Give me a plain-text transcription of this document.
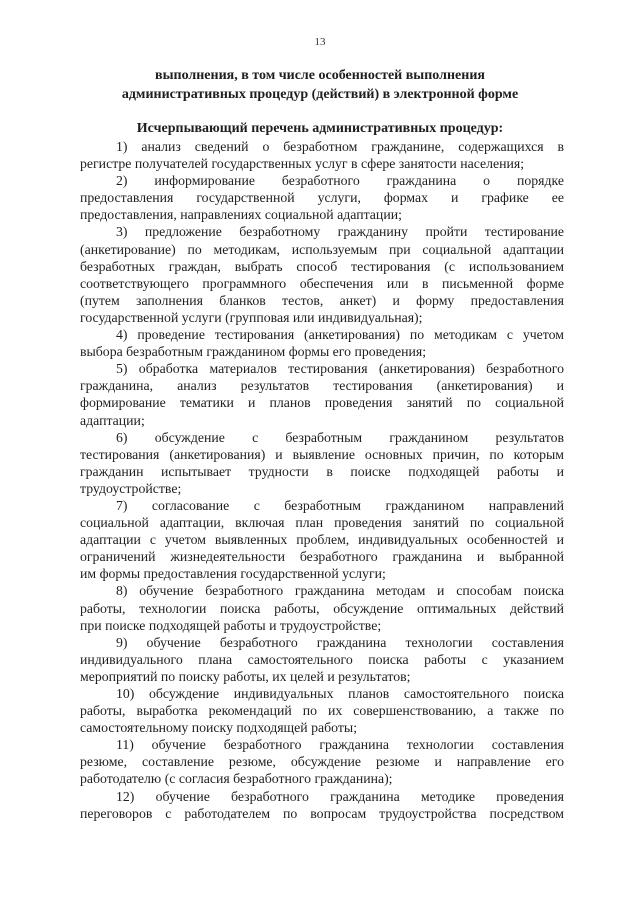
13
выполнения, в том числе особенностей выполнения
административных процедур (действий) в электронной форме
Исчерпывающий перечень административных процедур:
1) анализ сведений о безработном гражданине, содержащихся в
регистре получателей государственных услуг в сфере занятости населения;
2) информирование безработного гражданина о порядке
предоставления государственной услуги, формах и графике ее
предоставления, направлениях социальной адаптации;
3) предложение безработному гражданину пройти тестирование
(анкетирование) по методикам, используемым при социальной адаптации
безработных граждан, выбрать способ тестирования (с использованием
соответствующего программного обеспечения или в письменной форме
(путем заполнения бланков тестов, анкет) и форму предоставления
государственной услуги (групповая или индивидуальная);
4) проведение тестирования (анкетирования) по методикам с учетом
выбора безработным гражданином формы его проведения;
5) обработка материалов тестирования (анкетирования) безработного
гражданина, анализ результатов тестирования (анкетирования) и
формирование тематики и планов проведения занятий по социальной
адаптации;
6) обсуждение с безработным гражданином результатов
тестирования (анкетирования) и выявление основных причин, по которым
гражданин испытывает трудности в поиске подходящей работы и
трудоустройстве;
7) согласование с безработным гражданином направлений
социальной адаптации, включая план проведения занятий по социальной
адаптации с учетом выявленных проблем, индивидуальных особенностей и
ограничений жизнедеятельности безработного гражданина и выбранной
им формы предоставления государственной услуги;
8) обучение безработного гражданина методам и способам поиска
работы, технологии поиска работы, обсуждение оптимальных действий
при поиске подходящей работы и трудоустройстве;
9) обучение безработного гражданина технологии составления
индивидуального плана самостоятельного поиска работы с указанием
мероприятий по поиску работы, их целей и результатов;
10) обсуждение индивидуальных планов самостоятельного поиска
работы, выработка рекомендаций по их совершенствованию, а также по
самостоятельному поиску подходящей работы;
11) обучение безработного гражданина технологии составления
резюме, составление резюме, обсуждение резюме и направление его
работодателю (с согласия безработного гражданина);
12) обучение безработного гражданина методике проведения
переговоров с работодателем по вопросам трудоустройства посредством
